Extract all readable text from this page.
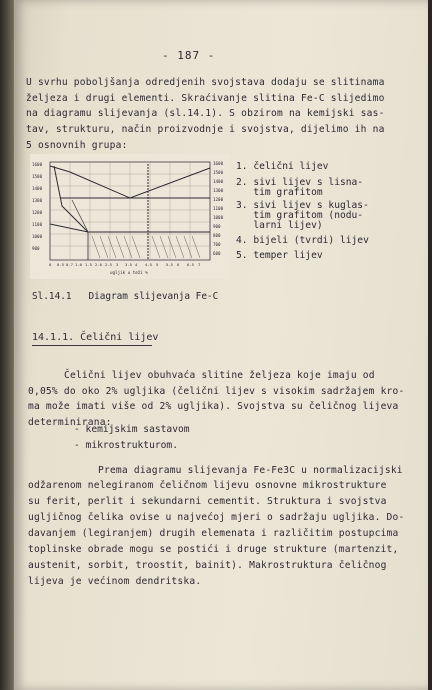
- 187 -
U svrhu poboljšanja odredjenih svojstava dodaju se slitinama
željeza i drugi elementi. Skraćivanje slitina Fe-C slijedimo
na diagramu slijevanja (sl.14.1). S obzirom na kemijski sas-
tav, strukturu, način proizvodnje i svojstva, dijelimo ih na
5 osnovnih grupa:
1600
1500
1400
1300
1200
1100
1000
900
1600
1500
1400
1300
1200
1100
1000
900
800
700
600
0 0.5 0.7 1.0 1.5 2.0 2.5 3 3.5 4 4.5 5 5.5 6 6.5 7
ugljik u teži %
1. čelični lijev
2. sivi lijev s lisna-
tim grafitom
3. sivi lijev s kuglas-
tim grafitom (nodu-
larni lijev)
4. bijeli (tvrdi) lijev
5. temper lijev
Sl.14.1   Diagram slijevanja Fe-C
14.1.1. Čelični lijev
Čelični lijev obuhvaća slitine željeza koje imaju od
0,05% do oko 2% ugljika (čelični lijev s visokim sadržajem kro-
ma može imati više od 2% ugljika). Svojstva su čeličnog lijeva
determinirana:
- kemijskim sastavom
- mikrostrukturom.
Prema diagramu slijevanja Fe-Fe3C u normalizacijski
odžarenom nelegiranom čeličnom lijevu osnovne mikrostrukture
su ferit, perlit i sekundarni cementit. Struktura i svojstva
ugljičnog čelika ovise u najvećoj mjeri o sadržaju ugljika. Do-
davanjem (legiranjem) drugih elemenata i različitim postupcima
toplinske obrade mogu se postići i druge strukture (martenzit,
austenit, sorbit, troostit, bainit). Makrostruktura čeličnog
lijeva je većinom dendritska.
